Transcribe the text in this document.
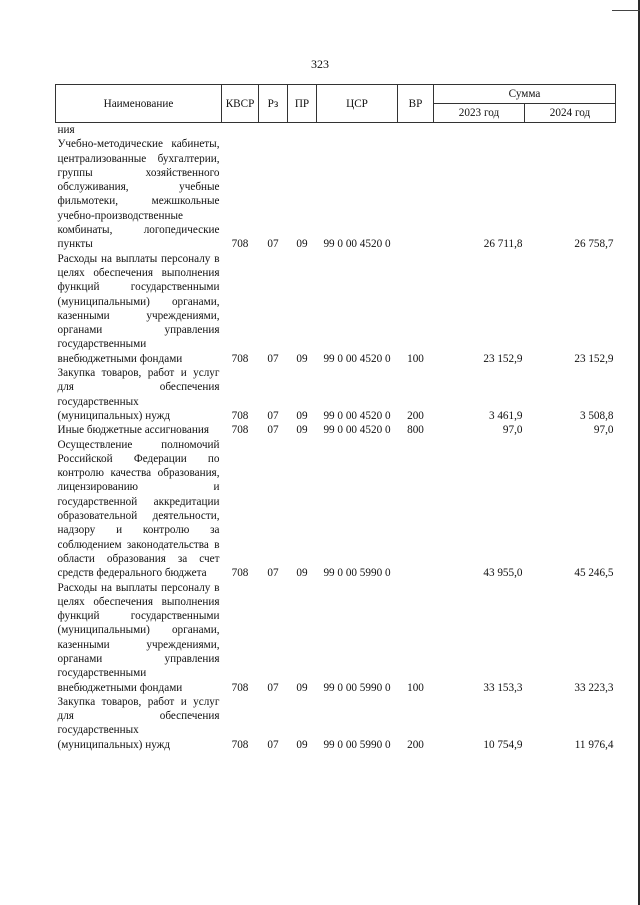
323
Наименование	КВСР	Рз	ПР	ЦСР	ВР	Сумма	
						2023 год	2024 год
ния							
Учебно-методические кабинеты, централизованные бухгалтерии, группы хозяйственного обслуживания, учебные фильмотеки, межшкольные учебно-производственные комбинаты, логопедические пункты	708	07	09	99 0 00 4520 0		26 711,8	26 758,7
Расходы на выплаты персоналу в целях обеспечения выполнения функций государственными (муниципальными) органами, казенными учреждениями, органами управления государственными внебюджетными фондами	708	07	09	99 0 00 4520 0	100	23 152,9	23 152,9
Закупка товаров, работ и услуг для обеспечения государственных (муниципальных) нужд	708	07	09	99 0 00 4520 0	200	3 461,9	3 508,8
Иные бюджетные ассигнования	708	07	09	99 0 00 4520 0	800	97,0	97,0
Осуществление полномочий Российской Федерации по контролю качества образования, лицензированию и государственной аккредитации образовательной деятельности, надзору и контролю за соблюдением законодательства в области образования за счет средств федерального бюджета	708	07	09	99 0 00 5990 0		43 955,0	45 246,5
Расходы на выплаты персоналу в целях обеспечения выполнения функций государственными (муниципальными) органами, казенными учреждениями, органами управления государственными внебюджетными фондами	708	07	09	99 0 00 5990 0	100	33 153,3	33 223,3
Закупка товаров, работ и услуг для обеспечения государственных (муниципальных) нужд	708	07	09	99 0 00 5990 0	200	10 754,9	11 976,4
